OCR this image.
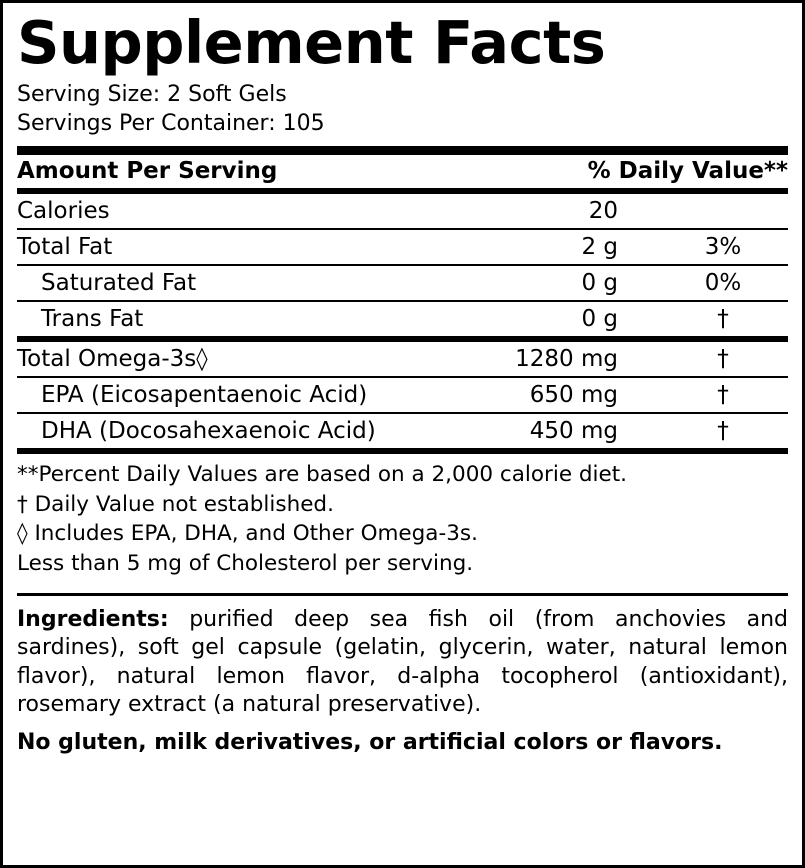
Supplement Facts
Serving Size: 2 Soft Gels
Servings Per Container: 105
Amount Per Serving	% Daily Value**
Calories	20
Total Fat	2 g	3%
Saturated Fat	0 g	0%
Trans Fat	0 g	†
Total Omega-3s◊	1280 mg	†
EPA (Eicosapentaenoic Acid)	650 mg	†
DHA (Docosahexaenoic Acid)	450 mg	†
**Percent Daily Values are based on a 2,000 calorie diet.
† Daily Value not established.
◊ Includes EPA, DHA, and Other Omega-3s.
Less than 5 mg of Cholesterol per serving.
Ingredients: purified deep sea fish oil (from anchovies and sardines), soft gel capsule (gelatin, glycerin, water, natural lemon flavor), natural lemon flavor, d-alpha tocopherol (antioxidant), rosemary extract (a natural preservative).
No gluten, milk derivatives, or artificial colors or flavors.
